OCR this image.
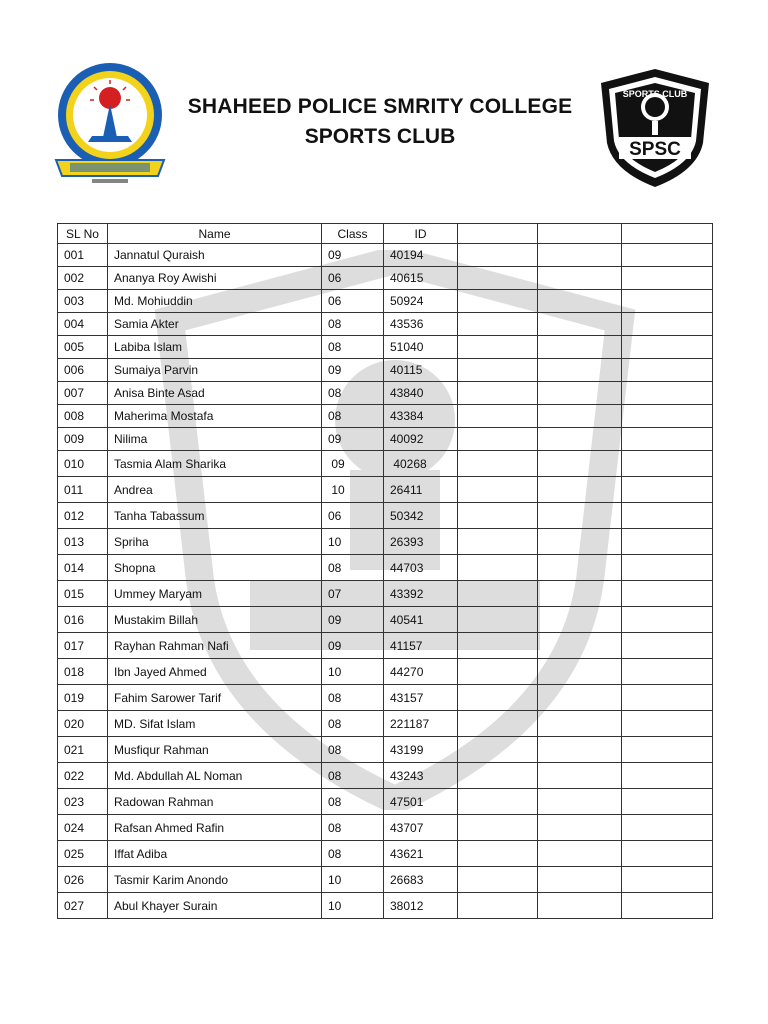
SHAHEED POLICE SMRITY COLLEGE
SPORTS CLUB
SPSC
SPORTS CLUB
SL No	Name	Class	ID			
001	Jannatul Quraish	09	40194			
002	Ananya Roy Awishi	06	40615			
003	Md. Mohiuddin	06	50924			
004	Samia Akter	08	43536			
005	Labiba Islam	08	51040			
006	Sumaiya Parvin	09	40115			
007	Anisa Binte Asad	08	43840			
008	Maherima Mostafa	08	43384			
009	Nilima	09	40092			
010	Tasmia Alam Sharika	09	40268			
011	Andrea	10	26411			
012	Tanha Tabassum	06	50342			
013	Spriha	10	26393			
014	Shopna	08	44703			
015	Ummey Maryam	07	43392			
016	Mustakim Billah	09	40541			
017	Rayhan Rahman Nafi	09	41157			
018	Ibn Jayed Ahmed	10	44270			
019	Fahim Sarower Tarif	08	43157			
020	MD. Sifat Islam	08	221187			
021	Musfiqur Rahman	08	43199			
022	Md. Abdullah AL Noman	08	43243			
023	Radowan Rahman	08	47501			
024	Rafsan Ahmed Rafin	08	43707			
025	Iffat Adiba	08	43621			
026	Tasmir Karim Anondo	10	26683			
027	Abul Khayer Surain	10	38012			
